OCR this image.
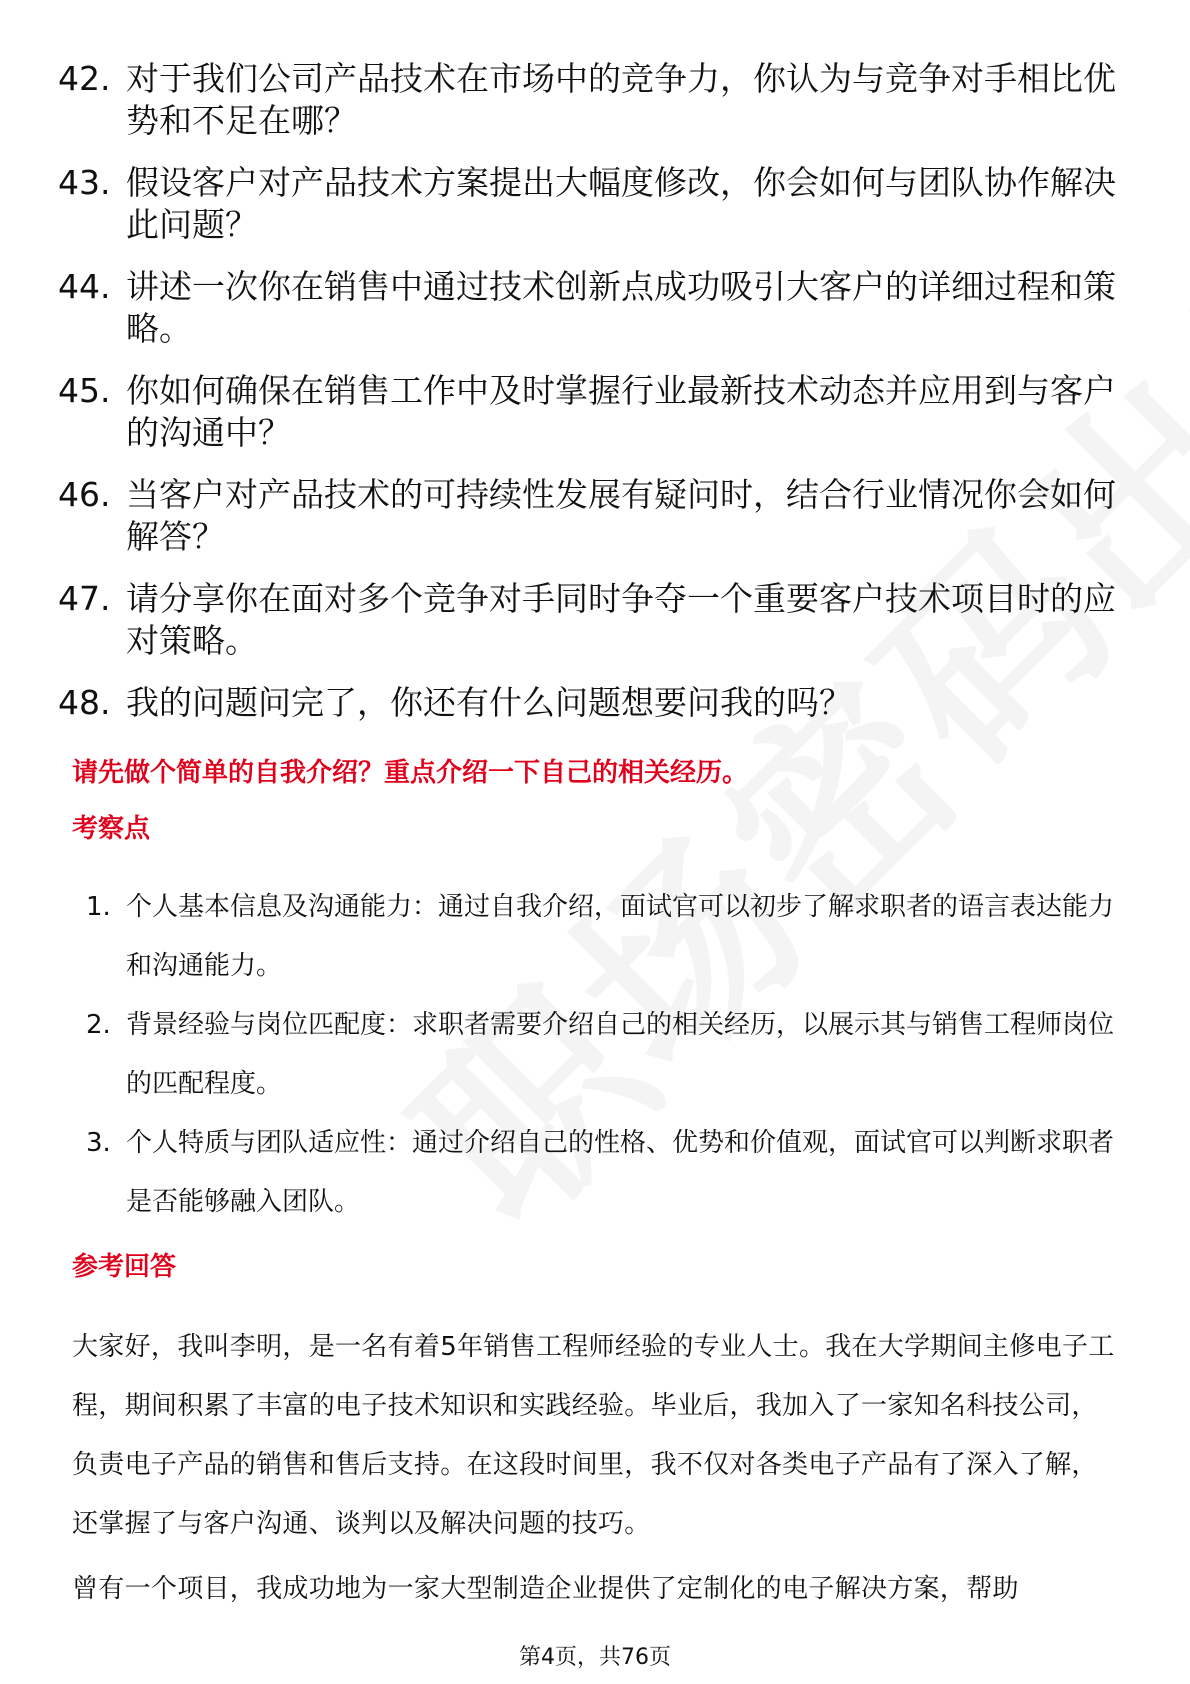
42. 对于我们公司产品技术在市场中的竞争力，你认为与竞争对手相比优势和不足在哪？
43. 假设客户对产品技术方案提出大幅度修改，你会如何与团队协作解决此问题？
44. 讲述一次你在销售中通过技术创新点成功吸引大客户的详细过程和策略。
45. 你如何确保在销售工作中及时掌握行业最新技术动态并应用到与客户的沟通中？
46. 当客户对产品技术的可持续性发展有疑问时，结合行业情况你会如何解答？
47. 请分享你在面对多个竞争对手同时争夺一个重要客户技术项目时的应对策略。
48. 我的问题问完了，你还有什么问题想要问我的吗？
请先做个简单的自我介绍？重点介绍一下自己的相关经历。
考察点
1. 个人基本信息及沟通能力：通过自我介绍，面试官可以初步了解求职者的语言表达能力和沟通能力。
2. 背景经验与岗位匹配度：求职者需要介绍自己的相关经历，以展示其与销售工程师岗位的匹配程度。
3. 个人特质与团队适应性：通过介绍自己的性格、优势和价值观，面试官可以判断求职者是否能够融入团队。
参考回答

大家好，我叫李明，是一名有着5年销售工程师经验的专业人士。我在大学期间主修电子工程，期间积累了丰富的电子技术知识和实践经验。毕业后，我加入了一家知名科技公司，负责电子产品的销售和售后支持。在这段时间里，我不仅对各类电子产品有了深入了解，还掌握了与客户沟通、谈判以及解决问题的技巧。

曾有一个项目，我成功地为一家大型制造企业提供了定制化的电子解决方案，帮助

第4页，共76页
